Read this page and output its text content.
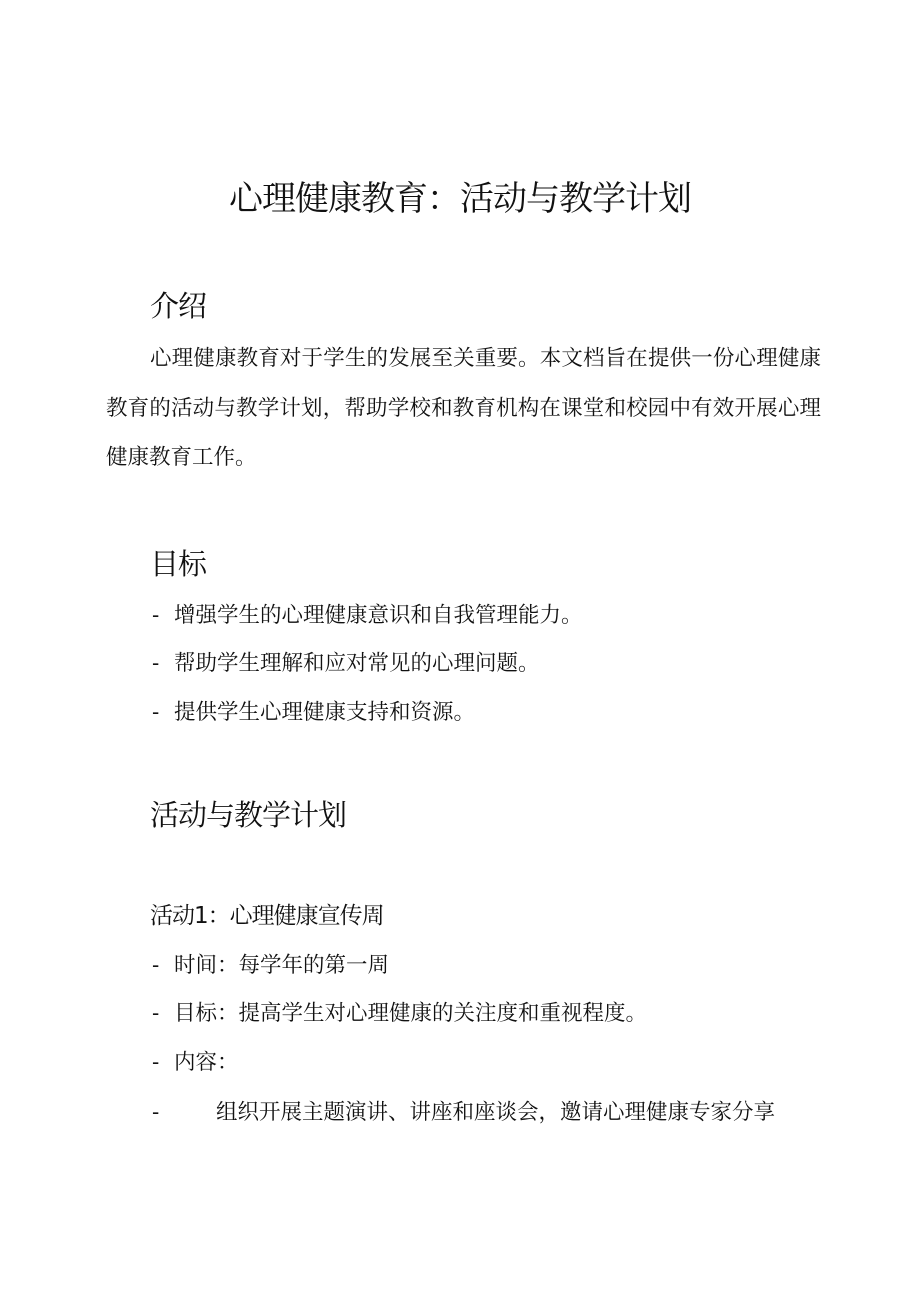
心理健康教育：活动与教学计划
介绍

心理健康教育对于学生的发展至关重要。本文档旨在提供一份心理健康教育的活动与教学计划，帮助学校和教育机构在课堂和校园中有效开展心理健康教育工作。

目标

- 增强学生的心理健康意识和自我管理能力。

- 帮助学生理解和应对常见的心理问题。

- 提供学生心理健康支持和资源。

活动与教学计划
活动1：心理健康宣传周

- 时间：每学年的第一周

- 目标：提高学生对心理健康的关注度和重视程度。

- 内容：

-	组织开展主题演讲、讲座和座谈会，邀请心理健康专家分享
